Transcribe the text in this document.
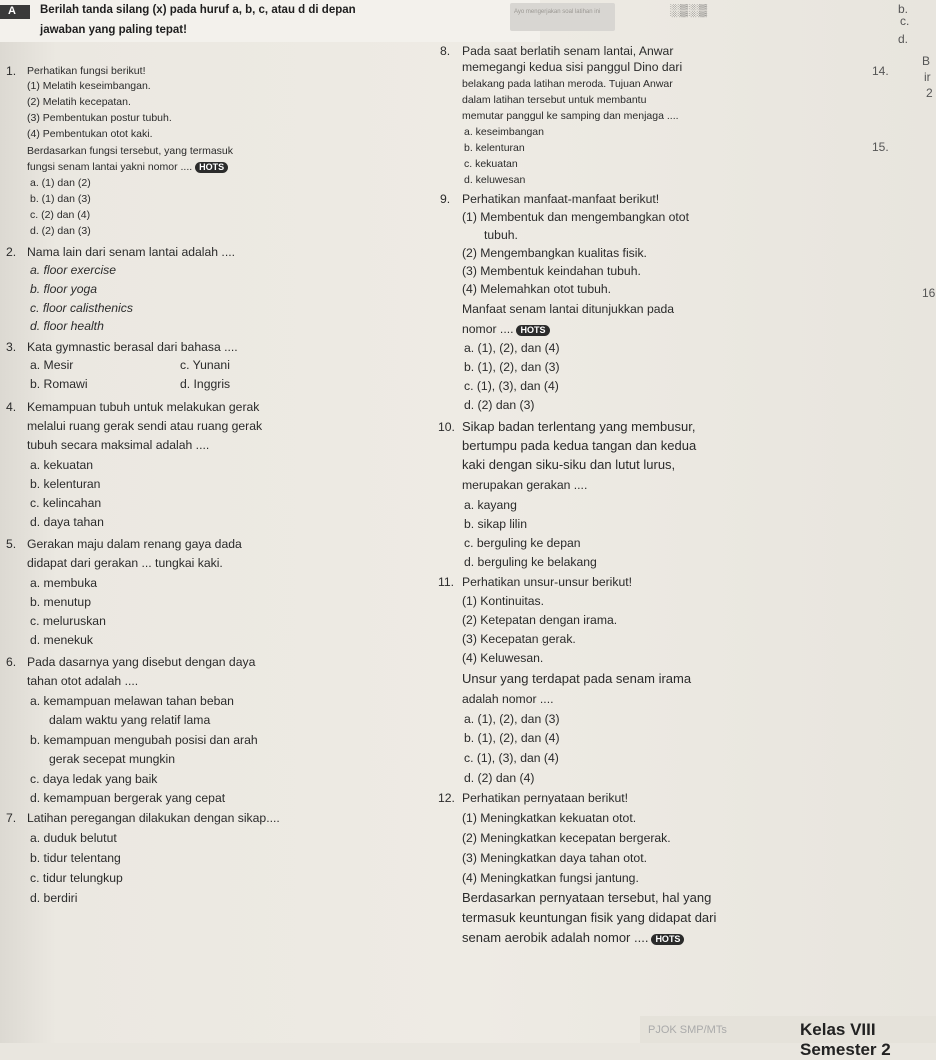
A Berilah tanda silang (x) pada huruf a, b, c, atau d di depan
jawaban yang paling tepat!
Ayo mengerjakan soal latihan ini	░▒░▒	b.
c.
d.
14.
B
ir
2
15.
16
1. Perhatikan fungsi berikut!
(1) Melatih keseimbangan.
(2) Melatih kecepatan.
(3) Pembentukan postur tubuh.
(4) Pembentukan otot kaki.
Berdasarkan fungsi tersebut, yang termasuk
fungsi senam lantai yakni nomor .... HOTS
a. (1) dan (2)
b. (1) dan (3)
c. (2) dan (4)
d. (2) dan (3)
2. Nama lain dari senam lantai adalah ....
a. floor exercise
b. floor yoga
c. floor calisthenics
d. floor health
3. Kata gymnastic berasal dari bahasa ....
a. Mesir
b. Romawi
c. Yunani
d. Inggris
4. Kemampuan tubuh untuk melakukan gerak
melalui ruang gerak sendi atau ruang gerak
tubuh secara maksimal adalah ....
a. kekuatan
b. kelenturan
c. kelincahan
d. daya tahan
5. Gerakan maju dalam renang gaya dada
didapat dari gerakan ... tungkai kaki.
a. membuka
b. menutup
c. meluruskan
d. menekuk
6. Pada dasarnya yang disebut dengan daya
tahan otot adalah ....
a. kemampuan melawan tahan beban
dalam waktu yang relatif lama
b. kemampuan mengubah posisi dan arah
gerak secepat mungkin
c. daya ledak yang baik
d. kemampuan bergerak yang cepat
7. Latihan peregangan dilakukan dengan sikap....
a. duduk belutut
b. tidur telentang
c. tidur telungkup
d. berdiri
8. Pada saat berlatih senam lantai, Anwar
memegangi kedua sisi panggul Dino dari
belakang pada latihan meroda. Tujuan Anwar
dalam latihan tersebut untuk membantu
memutar panggul ke samping dan menjaga ....
a. keseimbangan
b. kelenturan
c. kekuatan
d. keluwesan
9. Perhatikan manfaat-manfaat berikut!
(1) Membentuk dan mengembangkan otot
tubuh.
(2) Mengembangkan kualitas fisik.
(3) Membentuk keindahan tubuh.
(4) Melemahkan otot tubuh.
Manfaat senam lantai ditunjukkan pada
nomor .... HOTS
a. (1), (2), dan (4)
b. (1), (2), dan (3)
c. (1), (3), dan (4)
d. (2) dan (3)
10. Sikap badan terlentang yang membusur,
bertumpu pada kedua tangan dan kedua
kaki dengan siku-siku dan lutut lurus,
merupakan gerakan ....
a. kayang
b. sikap lilin
c. berguling ke depan
d. berguling ke belakang
11. Perhatikan unsur-unsur berikut!
(1) Kontinuitas.
(2) Ketepatan dengan irama.
(3) Kecepatan gerak.
(4) Keluwesan.
Unsur yang terdapat pada senam irama
adalah nomor ....
a. (1), (2), dan (3)
b. (1), (2), dan (4)
c. (1), (3), dan (4)
d. (2) dan (4)
12. Perhatikan pernyataan berikut!
(1) Meningkatkan kekuatan otot.
(2) Meningkatkan kecepatan bergerak.
(3) Meningkatkan daya tahan otot.
(4) Meningkatkan fungsi jantung.
Berdasarkan pernyataan tersebut, hal yang
termasuk keuntungan fisik yang didapat dari
senam aerobik adalah nomor .... HOTS
PJOK SMP/MTs	Kelas VIII Semester 2
